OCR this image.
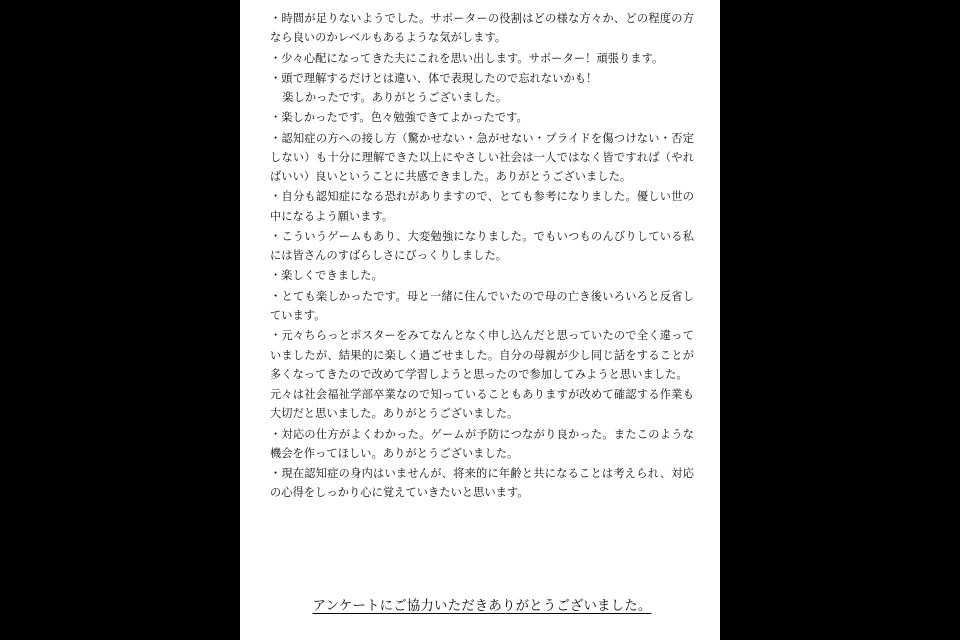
・時間が足りないようでした。サポーターの役割はどの様な方々か、どの程度の方なら良いのかレベルもあるような気がします。

・少々心配になってきた夫にこれを思い出します。サポーター！頑張ります。

・頭で理解するだけとは違い、体で表現したので忘れないかも！
楽しかったです。ありがとうございました。

・楽しかったです。色々勉強できてよかったです。

・認知症の方への接し方（驚かせない・急がせない・プライドを傷つけない・否定しない）も十分に理解できた以上にやさしい社会は一人ではなく皆ですれば（やればいい）良いということに共感できました。ありがとうございました。

・自分も認知症になる恐れがありますので、とても参考になりました。優しい世の中になるよう願います。

・こういうゲームもあり、大変勉強になりました。でもいつものんびりしている私には皆さんのすばらしさにびっくりしました。

・楽しくできました。

・とても楽しかったです。母と一緒に住んでいたので母の亡き後いろいろと反省しています。

・元々ちらっとポスターをみてなんとなく申し込んだと思っていたので全く違っていましたが、結果的に楽しく過ごせました。自分の母親が少し同じ話をすることが多くなってきたので改めて学習しようと思ったので参加してみようと思いました。

元々は社会福祉学部卒業なので知っていることもありますが改めて確認する作業も大切だと思いました。ありがとうございました。

・対応の仕方がよくわかった。ゲームが予防につながり良かった。またこのような機会を作ってほしい。ありがとうございました。

・現在認知症の身内はいませんが、将来的に年齢と共になることは考えられ、対応の心得をしっかり心に覚えていきたいと思います。

アンケートにご協力いただきありがとうございました。
